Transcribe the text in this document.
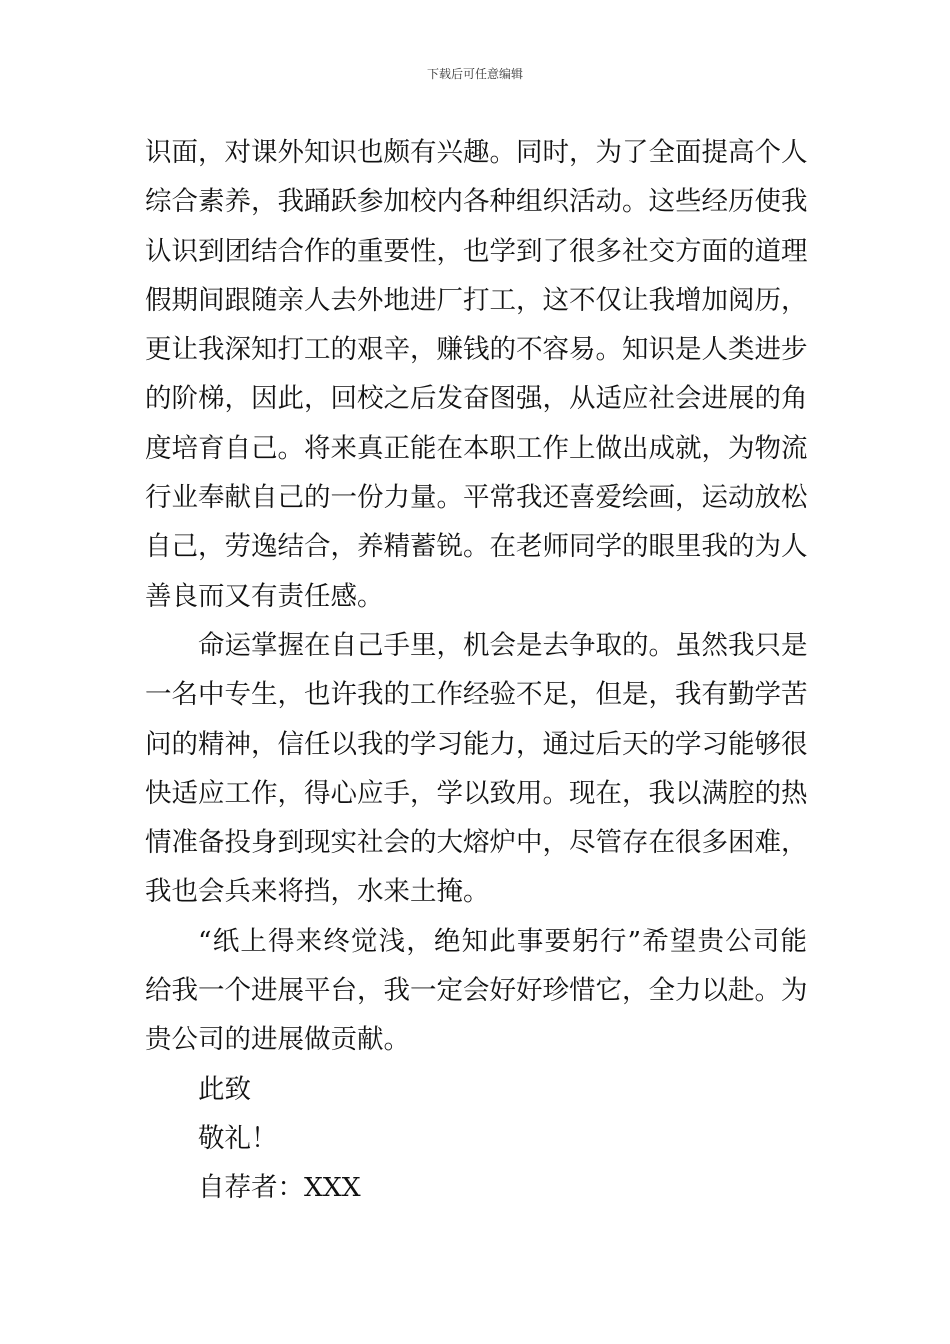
下载后可任意编辑
识面，对课外知识也颇有兴趣。同时，为了全面提高个人
综合素养，我踊跃参加校内各种组织活动。这些经历使我
认识到团结合作的重要性，也学到了很多社交方面的道理
假期间跟随亲人去外地进厂打工，这不仅让我增加阅历，
更让我深知打工的艰辛，赚钱的不容易。知识是人类进步
的阶梯，因此，回校之后发奋图强，从适应社会进展的角
度培育自己。将来真正能在本职工作上做出成就，为物流
行业奉献自己的一份力量。平常我还喜爱绘画，运动放松
自己，劳逸结合，养精蓄锐。在老师同学的眼里我的为人
善良而又有责任感。
命运掌握在自己手里，机会是去争取的。虽然我只是
一名中专生，也许我的工作经验不足，但是，我有勤学苦
问的精神，信任以我的学习能力，通过后天的学习能够很
快适应工作，得心应手，学以致用。现在，我以满腔的热
情准备投身到现实社会的大熔炉中，尽管存在很多困难，
我也会兵来将挡，水来土掩。
“纸上得来终觉浅，绝知此事要躬行”希望贵公司能
给我一个进展平台，我一定会好好珍惜它，全力以赴。为
贵公司的进展做贡献。
此致
敬礼！
自荐者：XXX
